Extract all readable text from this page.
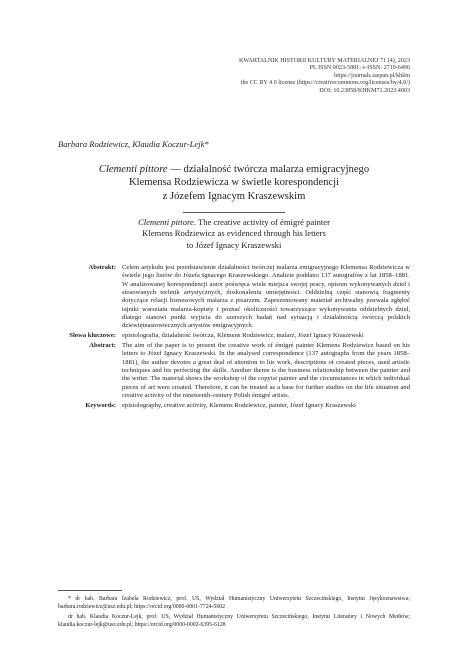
KWARTALNIK HISTORII KULTURY MATERIALNEJ 71 (4), 2023
PL ISSN 0023-5881; e-ISSN: 2719-6496
https://journals.iaepan.pl/khkm
the CC BY 4.0 license (https://creativecommons.org/licenses/by/4.0/)
DOI: 10.23858/KHKM71.2023.4003
Barbara Rodziewicz, Klaudia Koczur-Lejk*
Clementi pittore — działalność twórcza malarza emigracyjnego
Klemensa Rodziewicza w świetle korespondencji
z Józefem Ignacym Kraszewskim
Clementi pittore. The creative activity of émigré painter
Klemens Rodziewicz as evidenced through his letters
to Józef Ignacy Kraszewski
Abstrakt: Celem artykułu jest przedstawienie działalności twórczej malarza emigracyjnego Klemensa Rodziewicza w świetle jego listów do Józefa Ignacego Kraszewskiego. Analizie poddano 137 autografów z lat 1858–1881. W analizowanej korespondencji autor poświęca wiele miejsca swojej pracy, opisom wykonywanych dzieł i stosowanych technik artystycznych, doskonaleniu umiejętności. Oddzielną część stanowią fragmenty dotyczące relacji biznesowych malarza z pisarzem. Zaprezentowany materiał archiwalny pozwala zgłębić tajniki warsztatu malarza-kopisty i poznać okoliczności towarzyszące wykonywaniu oddzielnych dzieł, dlatego stanowi punkt wyjścia do szerszych badań nad sytuacją i działalnością twórczą polskich dziewiętnastowiecznych artystów emigracyjnych.
Słowa kluczowe: epistolografia, działalność twórcza, Klemens Rodziewicz, malarz, Józef Ignacy Kraszewski
Abstract: The aim of the paper is to present the creative work of émigré painter Klemens Rodziewicz based on his letters to Józef Ignacy Kraszewski. In the analysed correspondence (137 autographs from the years 1858–1881), the author devotes a great deal of attention to his work, descriptions of created pieces, used artistic techniques and his perfecting the skills. Another theme is the business relationship between the painter and the writer. The material shows the workshop of the copyist painter and the circumstances in which individual pieces of art were created. Therefore, it can be treated as a base for further studies on the life situation and creative activity of the nineteenth-century Polish émigré artists.
Keywords: epistolography, creative activity, Klemens Rodziewicz, painter, Józef Ignacy Kraszewski
* dr hab. Barbara Izabela Rodziewicz, prof. US, Wydział Humanistyczny Uniwersytetu Szczecińskiego, Instytut Językoznawstwa; barbara.rodziewicz@usz.edu.pl; https://orcid.org/0000-0001-7724-5602
dr hab. Klaudia Koczur-Lejk, prof. US, Wydział Humanistyczny Uniwersytetu Szczecińskiego, Instytut Literatury i Nowych Mediów; klaudia.koczur-lejk@usz.edu.pl; https://orcid.org/0000-0002-6395-6128
